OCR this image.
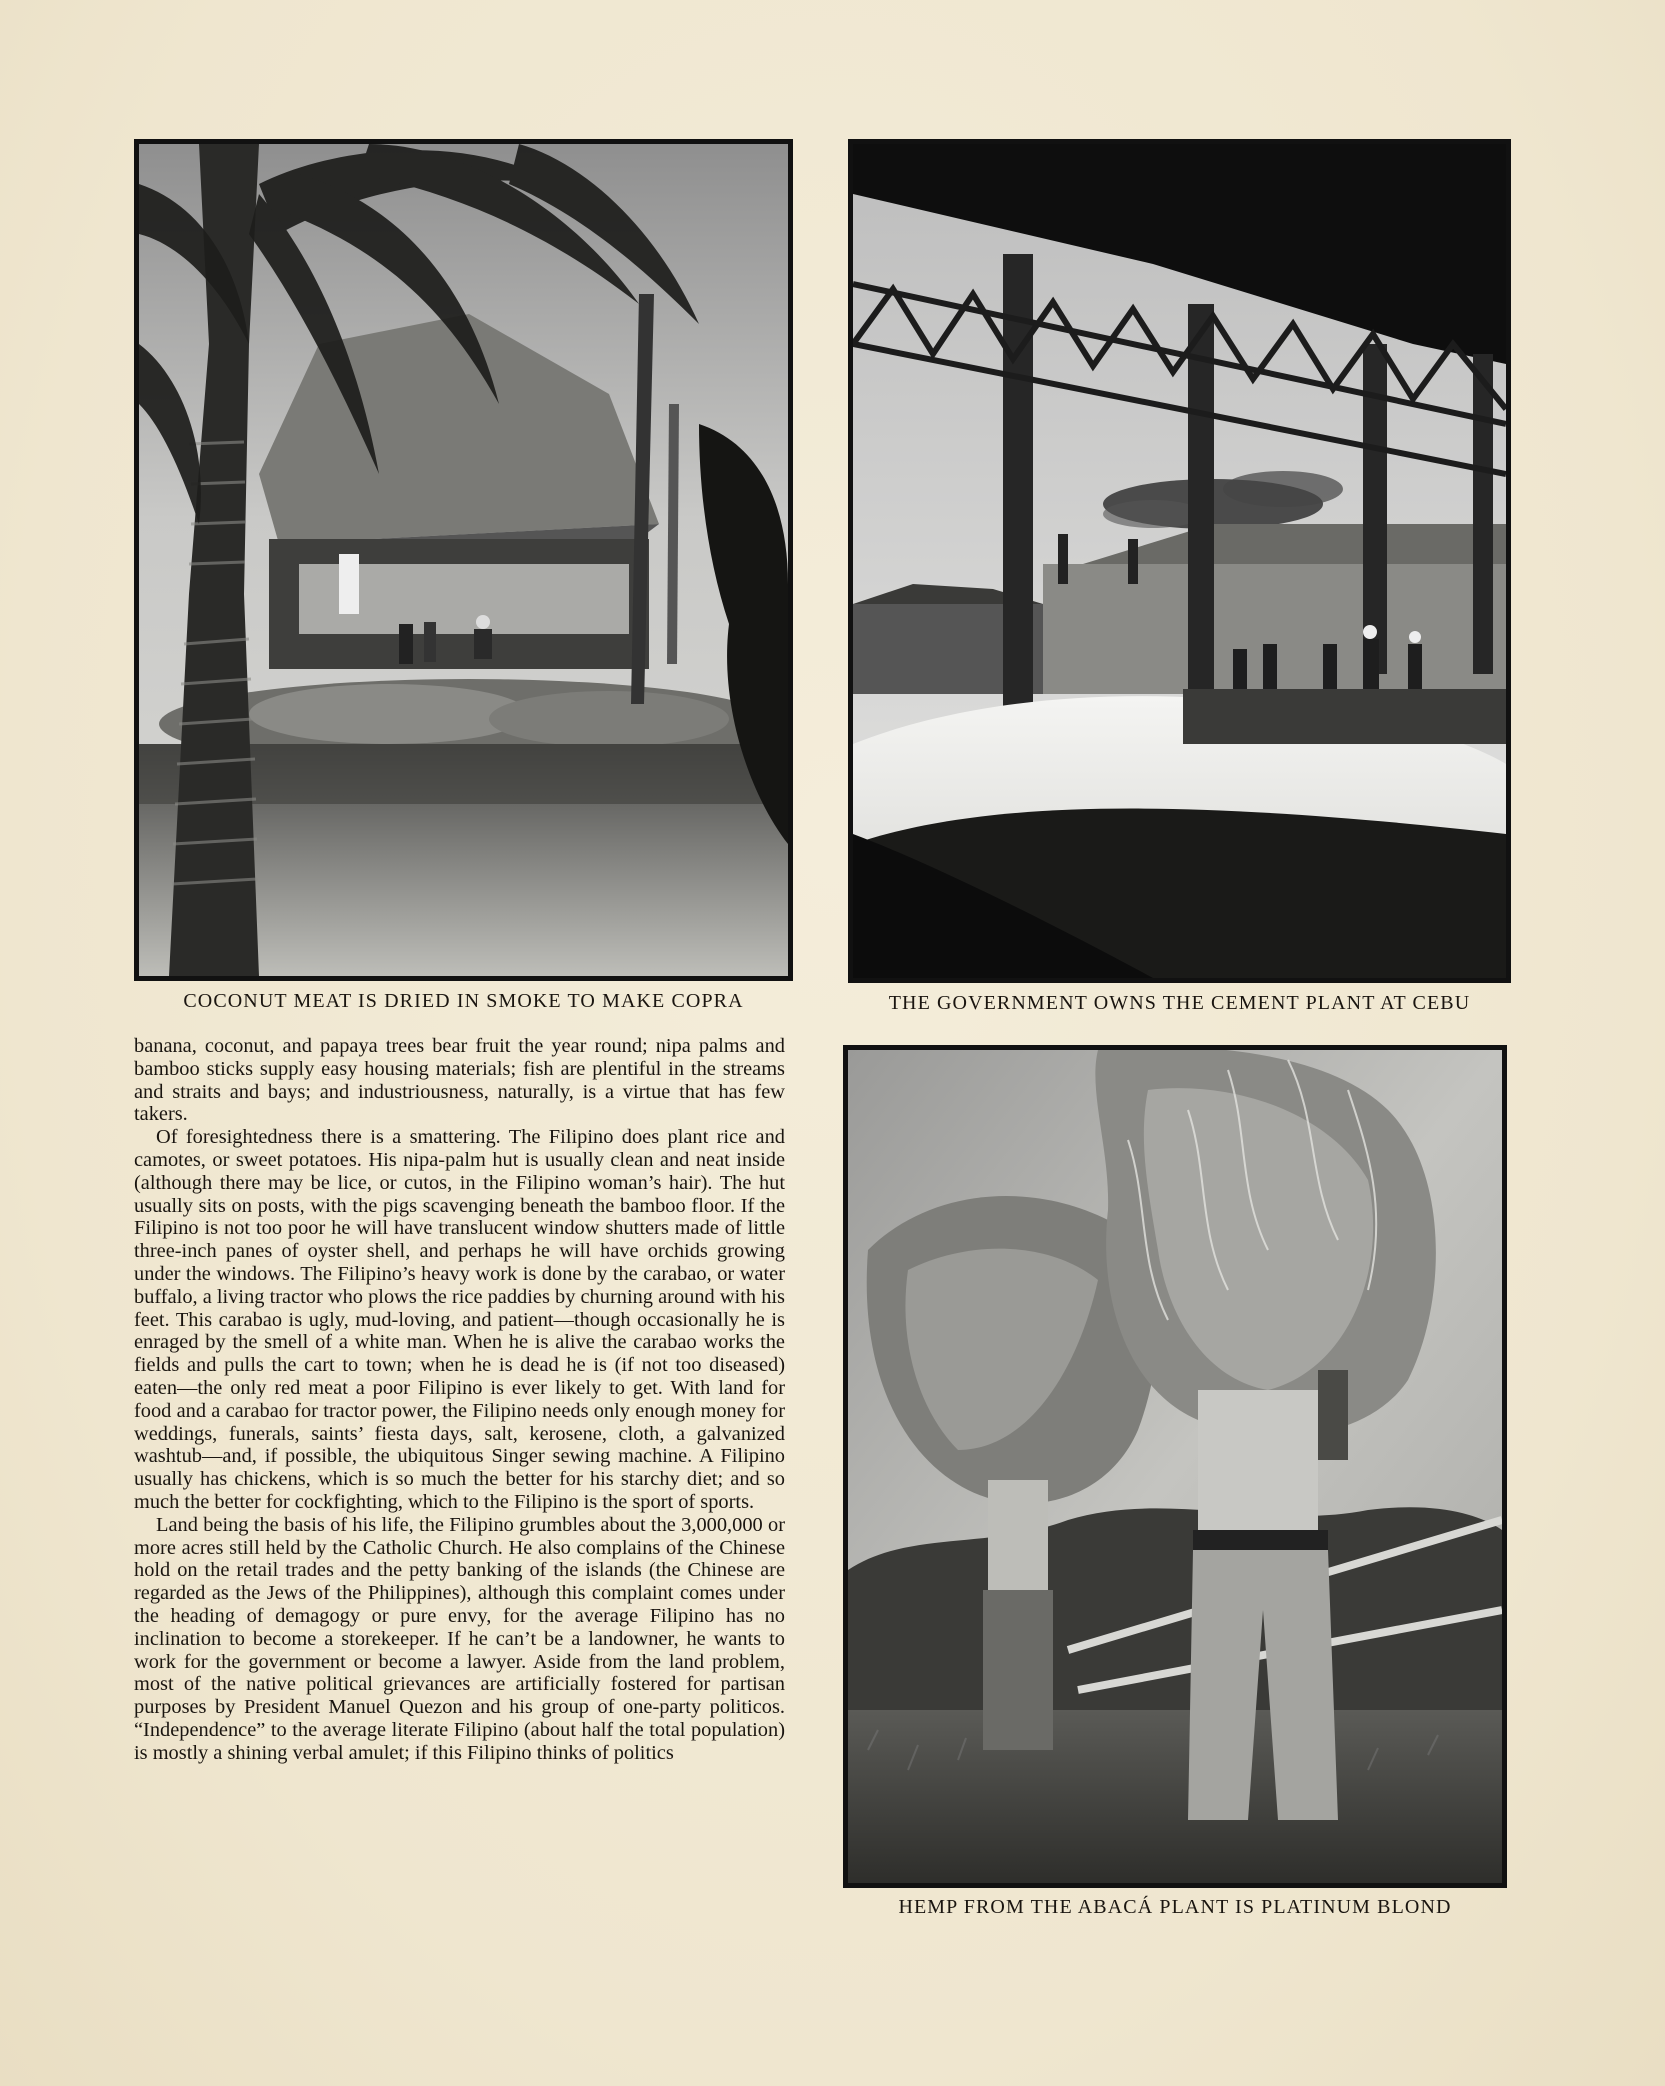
COCONUT MEAT IS DRIED IN SMOKE TO MAKE COPRA	THE GOVERNMENT OWNS THE CEMENT PLANT AT CEBU
HEMP FROM THE ABACÁ PLANT IS PLATINUM BLOND

banana, coconut, and papaya trees bear fruit the year round; nipa palms and bamboo sticks supply easy housing materials; fish are plentiful in the streams and straits and bays; and industriousness, naturally, is a virtue that has few takers.

Of foresightedness there is a smattering. The Filipino does plant rice and camotes, or sweet potatoes. His nipa-palm hut is usually clean and neat inside (although there may be lice, or cutos, in the Filipino woman’s hair). The hut usually sits on posts, with the pigs scavenging beneath the bamboo floor. If the Filipino is not too poor he will have translucent window shutters made of little three-inch panes of oyster shell, and perhaps he will have orchids growing under the windows. The Filipino’s heavy work is done by the carabao, or water buffalo, a living tractor who plows the rice paddies by churning around with his feet. This carabao is ugly, mud-loving, and patient—though occasionally he is enraged by the smell of a white man. When he is alive the carabao works the fields and pulls the cart to town; when he is dead he is (if not too diseased) eaten—the only red meat a poor Filipino is ever likely to get. With land for food and a carabao for tractor power, the Filipino needs only enough money for weddings, funerals, saints’ fiesta days, salt, kerosene, cloth, a galvanized washtub—and, if possible, the ubiquitous Singer sewing machine. A Filipino usually has chickens, which is so much the better for his starchy diet; and so much the better for cockfighting, which to the Filipino is the sport of sports.

Land being the basis of his life, the Filipino grumbles about the 3,000,000 or more acres still held by the Catholic Church. He also complains of the Chinese hold on the retail trades and the petty banking of the islands (the Chinese are regarded as the Jews of the Philippines), although this complaint comes under the heading of demagogy or pure envy, for the average Filipino has no inclination to become a storekeeper. If he can’t be a landowner, he wants to work for the government or become a lawyer. Aside from the land problem, most of the native political grievances are artificially fostered for partisan purposes by President Manuel Quezon and his group of one-party politicos. “Independence” to the average literate Filipino (about half the total population) is mostly a shining verbal amulet; if this Filipino thinks of politics
